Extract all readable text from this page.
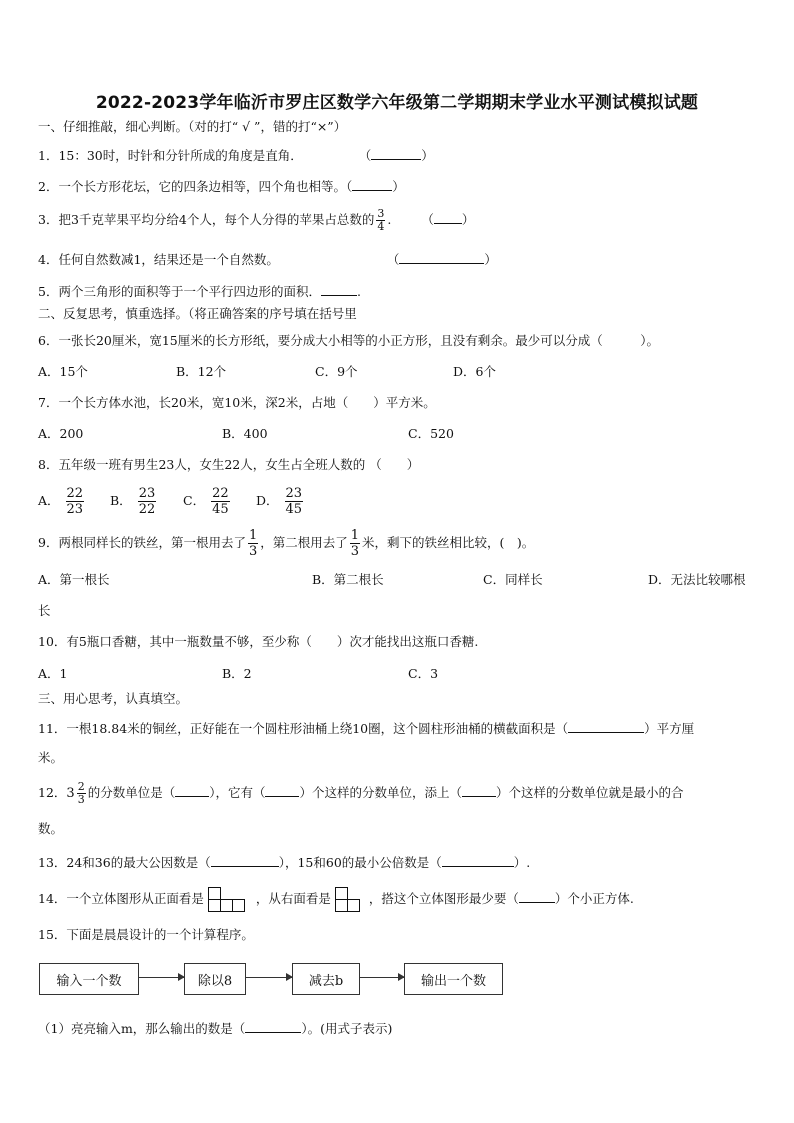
2022-2023学年临沂市罗庄区数学六年级第二学期期末学业水平测试模拟试题
一、仔细推敲，细心判断。（对的打“ √ ”，错的打“×”）
1．15：30时，时针和分针所成的角度是直角．	（	）
2．一个长方形花坛，它的四条边相等，四个角也相等。（	）
3．把3千克苹果平均分给4个人，每个人分得的苹果占总数的 $\frac{3}{4}$ . （ ）
4．任何自然数减1，结果还是一个自然数。	（	）
5．两个三角形的面积等于一个平行四边形的面积．	.
二、反复思考，慎重选择。（将正确答案的序号填在括号里
6．一张长20厘米，宽15厘米的长方形纸，要分成大小相等的小正方形，且没有剩余。最少可以分成（　　　）。
A．15个	B．12个	C．9个	D．6个
7．一个长方体水池，长20米，宽10米，深2米，占地（　　）平方米。
A．200	B．400	C．520
8．五年级一班有男生23人，女生22人，女生占全班人数的 （　　）
A． $\frac{22}{23}$ B． $\frac{23}{22}$ C． $\frac{22}{45}$ D． $\frac{23}{45}$
9．两根同样长的铁丝，第一根用去了 $\frac{1}{3}$ ，第二根用去了 $\frac{1}{3}$ 米，剩下的铁丝相比较，(　)。
A．第一根长	B．第二根长	C．同样长	D．无法比较哪根
长
10．有5瓶口香糖，其中一瓶数量不够，至少称（　　）次才能找出这瓶口香糖.
A．1	B．2	C．3
三、用心思考，认真填空。
11．一根18.84米的铜丝，正好能在一个圆柱形油桶上绕10圈，这个圆柱形油桶的横截面积是（	）平方厘
米。
12．$3 \frac{2}{3}$ 的分数单位是（	），它有（	）个这样的分数单位，添上（	）个这样的分数单位就是最小的合
数。
13．24和36的最大公因数是（	），15和60的最小公倍数是（	）.
14．一个立体图形从正面看是	，从右面看是	，搭这个立体图形最少要（	）个小正方体.
15．下面是晨晨设计的一个计算程序。
输入一个数	除以8	减去b	输出一个数
（1）亮亮输入m，那么输出的数是（	）。(用式子表示)
